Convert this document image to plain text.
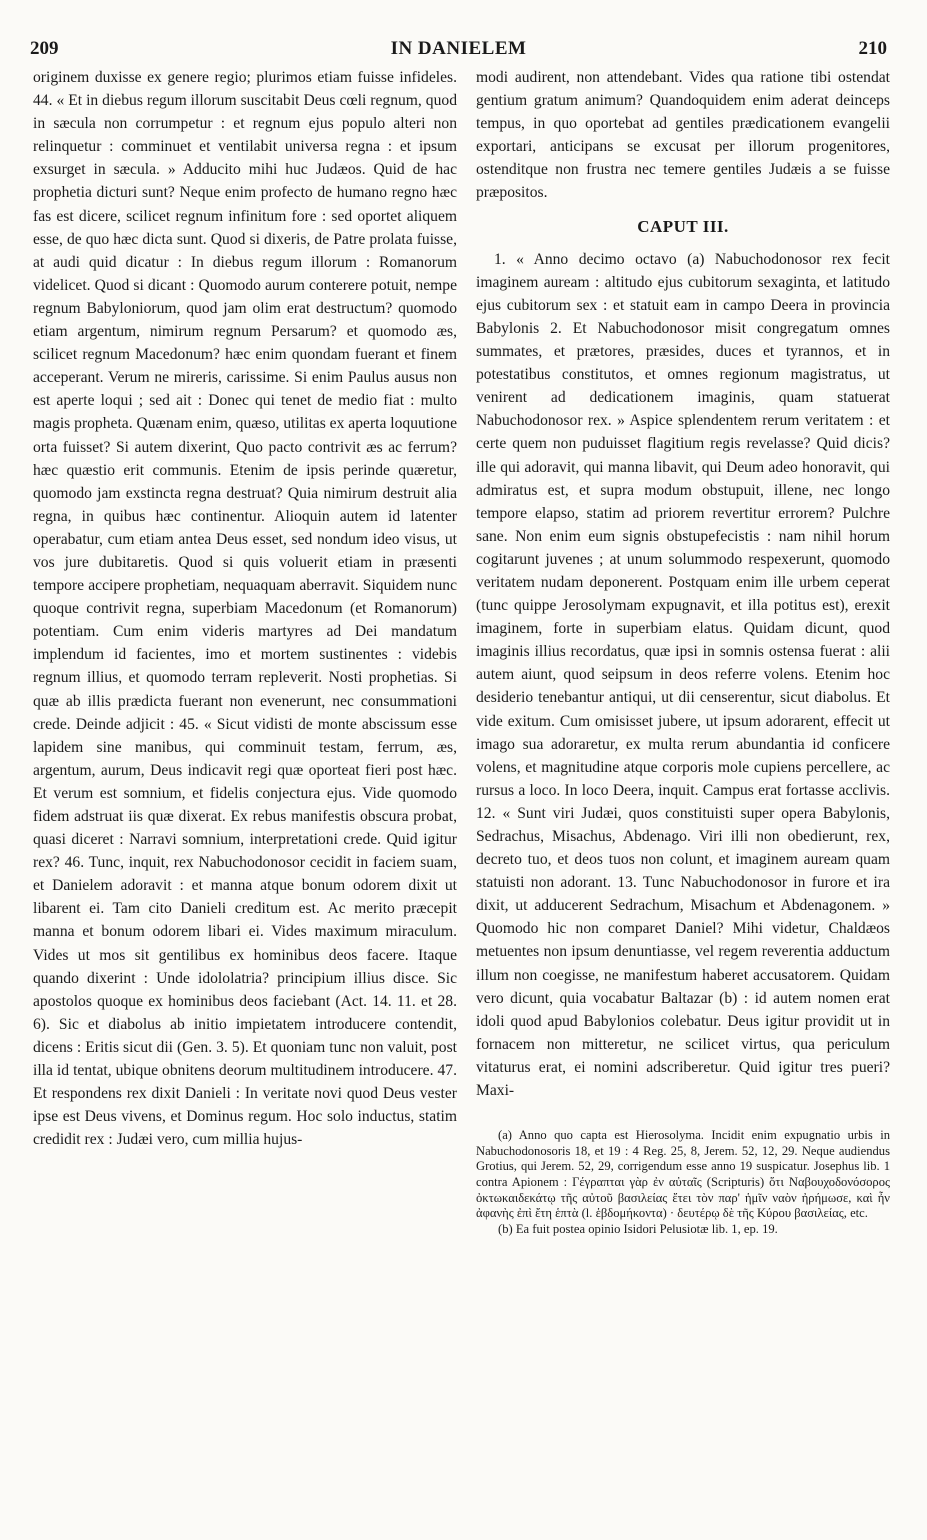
209	IN DANIELEM	210

originem duxisse ex genere regio; plurimos etiam fuisse infideles. 44. « Et in diebus regum illorum suscitabit Deus cœli regnum, quod in sæcula non corrumpetur : et regnum ejus populo alteri non relinquetur : comminuet et ventilabit universa regna : et ipsum exsurget in sæcula. » Adducito mihi huc Judæos. Quid de hac prophetia dicturi sunt? Neque enim profecto de humano regno hæc fas est dicere, scilicet regnum infinitum fore : sed oportet aliquem esse, de quo hæc dicta sunt. Quod si dixeris, de Patre prolata fuisse, at audi quid dicatur : In diebus regum illorum : Romanorum videlicet. Quod si dicant : Quomodo aurum conterere potuit, nempe regnum Babyloniorum, quod jam olim erat destructum? quomodo etiam argentum, nimirum regnum Persarum? et quomodo æs, scilicet regnum Macedonum? hæc enim quondam fuerant et finem acceperant. Verum ne mireris, carissime. Si enim Paulus ausus non est aperte loqui ; sed ait : Donec qui tenet de medio fiat : multo magis propheta. Quænam enim, quæso, utilitas ex aperta loquutione orta fuisset? Si autem dixerint, Quo pacto contrivit æs ac ferrum? hæc quæstio erit communis. Etenim de ipsis perinde quæretur, quomodo jam exstincta regna destruat? Quia nimirum destruit alia regna, in quibus hæc continentur. Alioquin autem id latenter operabatur, cum etiam antea Deus esset, sed nondum ideo visus, ut vos jure dubitaretis. Quod si quis voluerit etiam in præsenti tempore accipere prophetiam, nequaquam aberravit. Siquidem nunc quoque contrivit regna, superbiam Macedonum (et Romanorum) potentiam. Cum enim videris martyres ad Dei mandatum implendum id facientes, imo et mortem sustinentes : videbis regnum illius, et quomodo terram repleverit. Nosti prophetias. Si quæ ab illis prædicta fuerant non evenerunt, nec consummationi crede. Deinde adjicit : 45. « Sicut vidisti de monte abscissum esse lapidem sine manibus, qui comminuit testam, ferrum, æs, argentum, aurum, Deus indicavit regi quæ oporteat fieri post hæc. Et verum est somnium, et fidelis conjectura ejus. Vide quomodo fidem adstruat iis quæ dixerat. Ex rebus manifestis obscura probat, quasi diceret : Narravi somnium, interpretationi crede. Quid igitur rex? 46. Tunc, inquit, rex Nabuchodonosor cecidit in faciem suam, et Danielem adoravit : et manna atque bonum odorem dixit ut libarent ei. Tam cito Danieli creditum est. Ac merito præcepit manna et bonum odorem libari ei. Vides maximum miraculum. Vides ut mos sit gentilibus ex hominibus deos facere. Itaque quando dixerint : Unde idololatria? principium illius disce. Sic apostolos quoque ex hominibus deos faciebant (Act. 14. 11. et 28. 6). Sic et diabolus ab initio impietatem introducere contendit, dicens : Eritis sicut dii (Gen. 3. 5). Et quoniam tunc non valuit, post illa id tentat, ubique obnitens deorum multitudinem introducere. 47. Et respondens rex dixit Danieli : In veritate novi quod Deus vester ipse est Deus vivens, et Dominus regum. Hoc solo inductus, statim credidit rex : Judæi vero, cum millia hujus-

modi audirent, non attendebant. Vides qua ratione tibi ostendat gentium gratum animum? Quandoquidem enim aderat deinceps tempus, in quo oportebat ad gentiles prædicationem evangelii exportari, anticipans se excusat per illorum progenitores, ostenditque non frustra nec temere gentiles Judæis a se fuisse præpositos.

CAPUT III.

1. « Anno decimo octavo (a) Nabuchodonosor rex fecit imaginem auream : altitudo ejus cubitorum sexaginta, et latitudo ejus cubitorum sex : et statuit eam in campo Deera in provincia Babylonis 2. Et Nabuchodonosor misit congregatum omnes summates, et prætores, præsides, duces et tyrannos, et in potestatibus constitutos, et omnes regionum magistratus, ut venirent ad dedicationem imaginis, quam statuerat Nabuchodonosor rex. » Aspice splendentem rerum veritatem : et certe quem non puduisset flagitium regis revelasse? Quid dicis? ille qui adoravit, qui manna libavit, qui Deum adeo honoravit, qui admiratus est, et supra modum obstupuit, illene, nec longo tempore elapso, statim ad priorem revertitur errorem? Pulchre sane. Non enim eum signis obstupefecistis : nam nihil horum cogitarunt juvenes ; at unum solummodo respexerunt, quomodo veritatem nudam deponerent. Postquam enim ille urbem ceperat (tunc quippe Jerosolymam expugnavit, et illa potitus est), erexit imaginem, forte in superbiam elatus. Quidam dicunt, quod imaginis illius recordatus, quæ ipsi in somnis ostensa fuerat : alii autem aiunt, quod seipsum in deos referre volens. Etenim hoc desiderio tenebantur antiqui, ut dii censerentur, sicut diabolus. Et vide exitum. Cum omisisset jubere, ut ipsum adorarent, effecit ut imago sua adoraretur, ex multa rerum abundantia id conficere volens, et magnitudine atque corporis mole cupiens percellere, ac rursus a loco. In loco Deera, inquit. Campus erat fortasse acclivis. 12. « Sunt viri Judæi, quos constituisti super opera Babylonis, Sedrachus, Misachus, Abdenago. Viri illi non obedierunt, rex, decreto tuo, et deos tuos non colunt, et imaginem auream quam statuisti non adorant. 13. Tunc Nabuchodonosor in furore et ira dixit, ut adducerent Sedrachum, Misachum et Abdenagonem. » Quomodo hic non comparet Daniel? Mihi videtur, Chaldæos metuentes non ipsum denuntiasse, vel regem reverentia adductum illum non coegisse, ne manifestum haberet accusatorem. Quidam vero dicunt, quia vocabatur Baltazar (b) : id autem nomen erat idoli quod apud Babylonios colebatur. Deus igitur providit ut in fornacem non mitteretur, ne scilicet virtus, qua periculum vitaturus erat, ei nomini adscriberetur. Quid igitur tres pueri? Maxi-

(a) Anno quo capta est Hierosolyma. Incidit enim expugnatio urbis in Nabuchodonosoris 18, et 19 : 4 Reg. 25, 8, Jerem. 52, 12, 29. Neque audiendus Grotius, qui Jerem. 52, 29, corrigendum esse anno 19 suspicatur. Josephus lib. 1 contra Apionem : Γέγραπται γὰρ ἐν αὐταῖς (Scripturis) ὅτι Ναβουχοδονόσορος ὀκτωκαιδεκάτῳ τῆς αὐτοῦ βασιλείας ἔτει τὸν παρ' ἡμῖν ναὸν ἠρήμωσε, καὶ ἦν ἀφανὴς ἐπὶ ἔτη ἑπτὰ (l. ἑβδομήκοντα) · δευτέρῳ δὲ τῆς Κύρου βασιλείας, etc.

(b) Ea fuit postea opinio Isidori Pelusiotæ lib. 1, ep. 19.
